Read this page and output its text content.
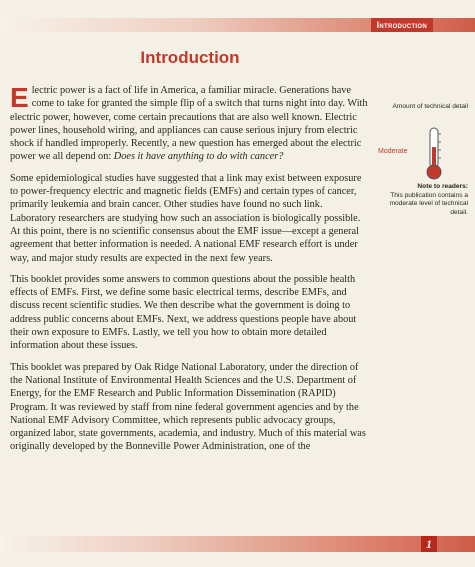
Introduction
Introduction

Electric power is a fact of life in America, a familiar miracle. Generations have come to take for granted the simple flip of a switch that turns night into day. With electric power, however, come certain precautions that are also well known. Electric power lines, household wiring, and appliances can cause serious injury from electric shock if handled improperly. Recently, a new question has emerged about the electric power we all depend on: Does it have anything to do with cancer?

Some epidemiological studies have suggested that a link may exist between exposure to power-frequency electric and magnetic fields (EMFs) and certain types of cancer, primarily leukemia and brain cancer. Other studies have found no such link. Laboratory researchers are studying how such an association is biologically possible. At this point, there is no scientific consensus about the EMF issue—except a general agreement that better information is needed. A national EMF research effort is under way, and major study results are expected in the next few years.

This booklet provides some answers to common questions about the possible health effects of EMFs. First, we define some basic electrical terms, describe EMFs, and discuss recent scientific studies. We then describe what the government is doing to address public concerns about EMFs. Next, we address questions people have about their own exposure to EMFs. Lastly, we tell you how to obtain more detailed information about these issues.

This booklet was prepared by Oak Ridge National Laboratory, under the direction of the National Institute of Environmental Health Sciences and the U.S. Department of Energy, for the EMF Research and Public Information Dissemination (RAPID) Program. It was reviewed by staff from nine federal government agencies and by the National EMF Advisory Committee, which represents public advocacy groups, organized labor, state governments, academia, and industry. Much of this material was originally developed by the Bonneville Power Administration, one of the

Amount of technical detail
Moderate
Note to readers:
This publication contains a moderate level of technical detail.
1
